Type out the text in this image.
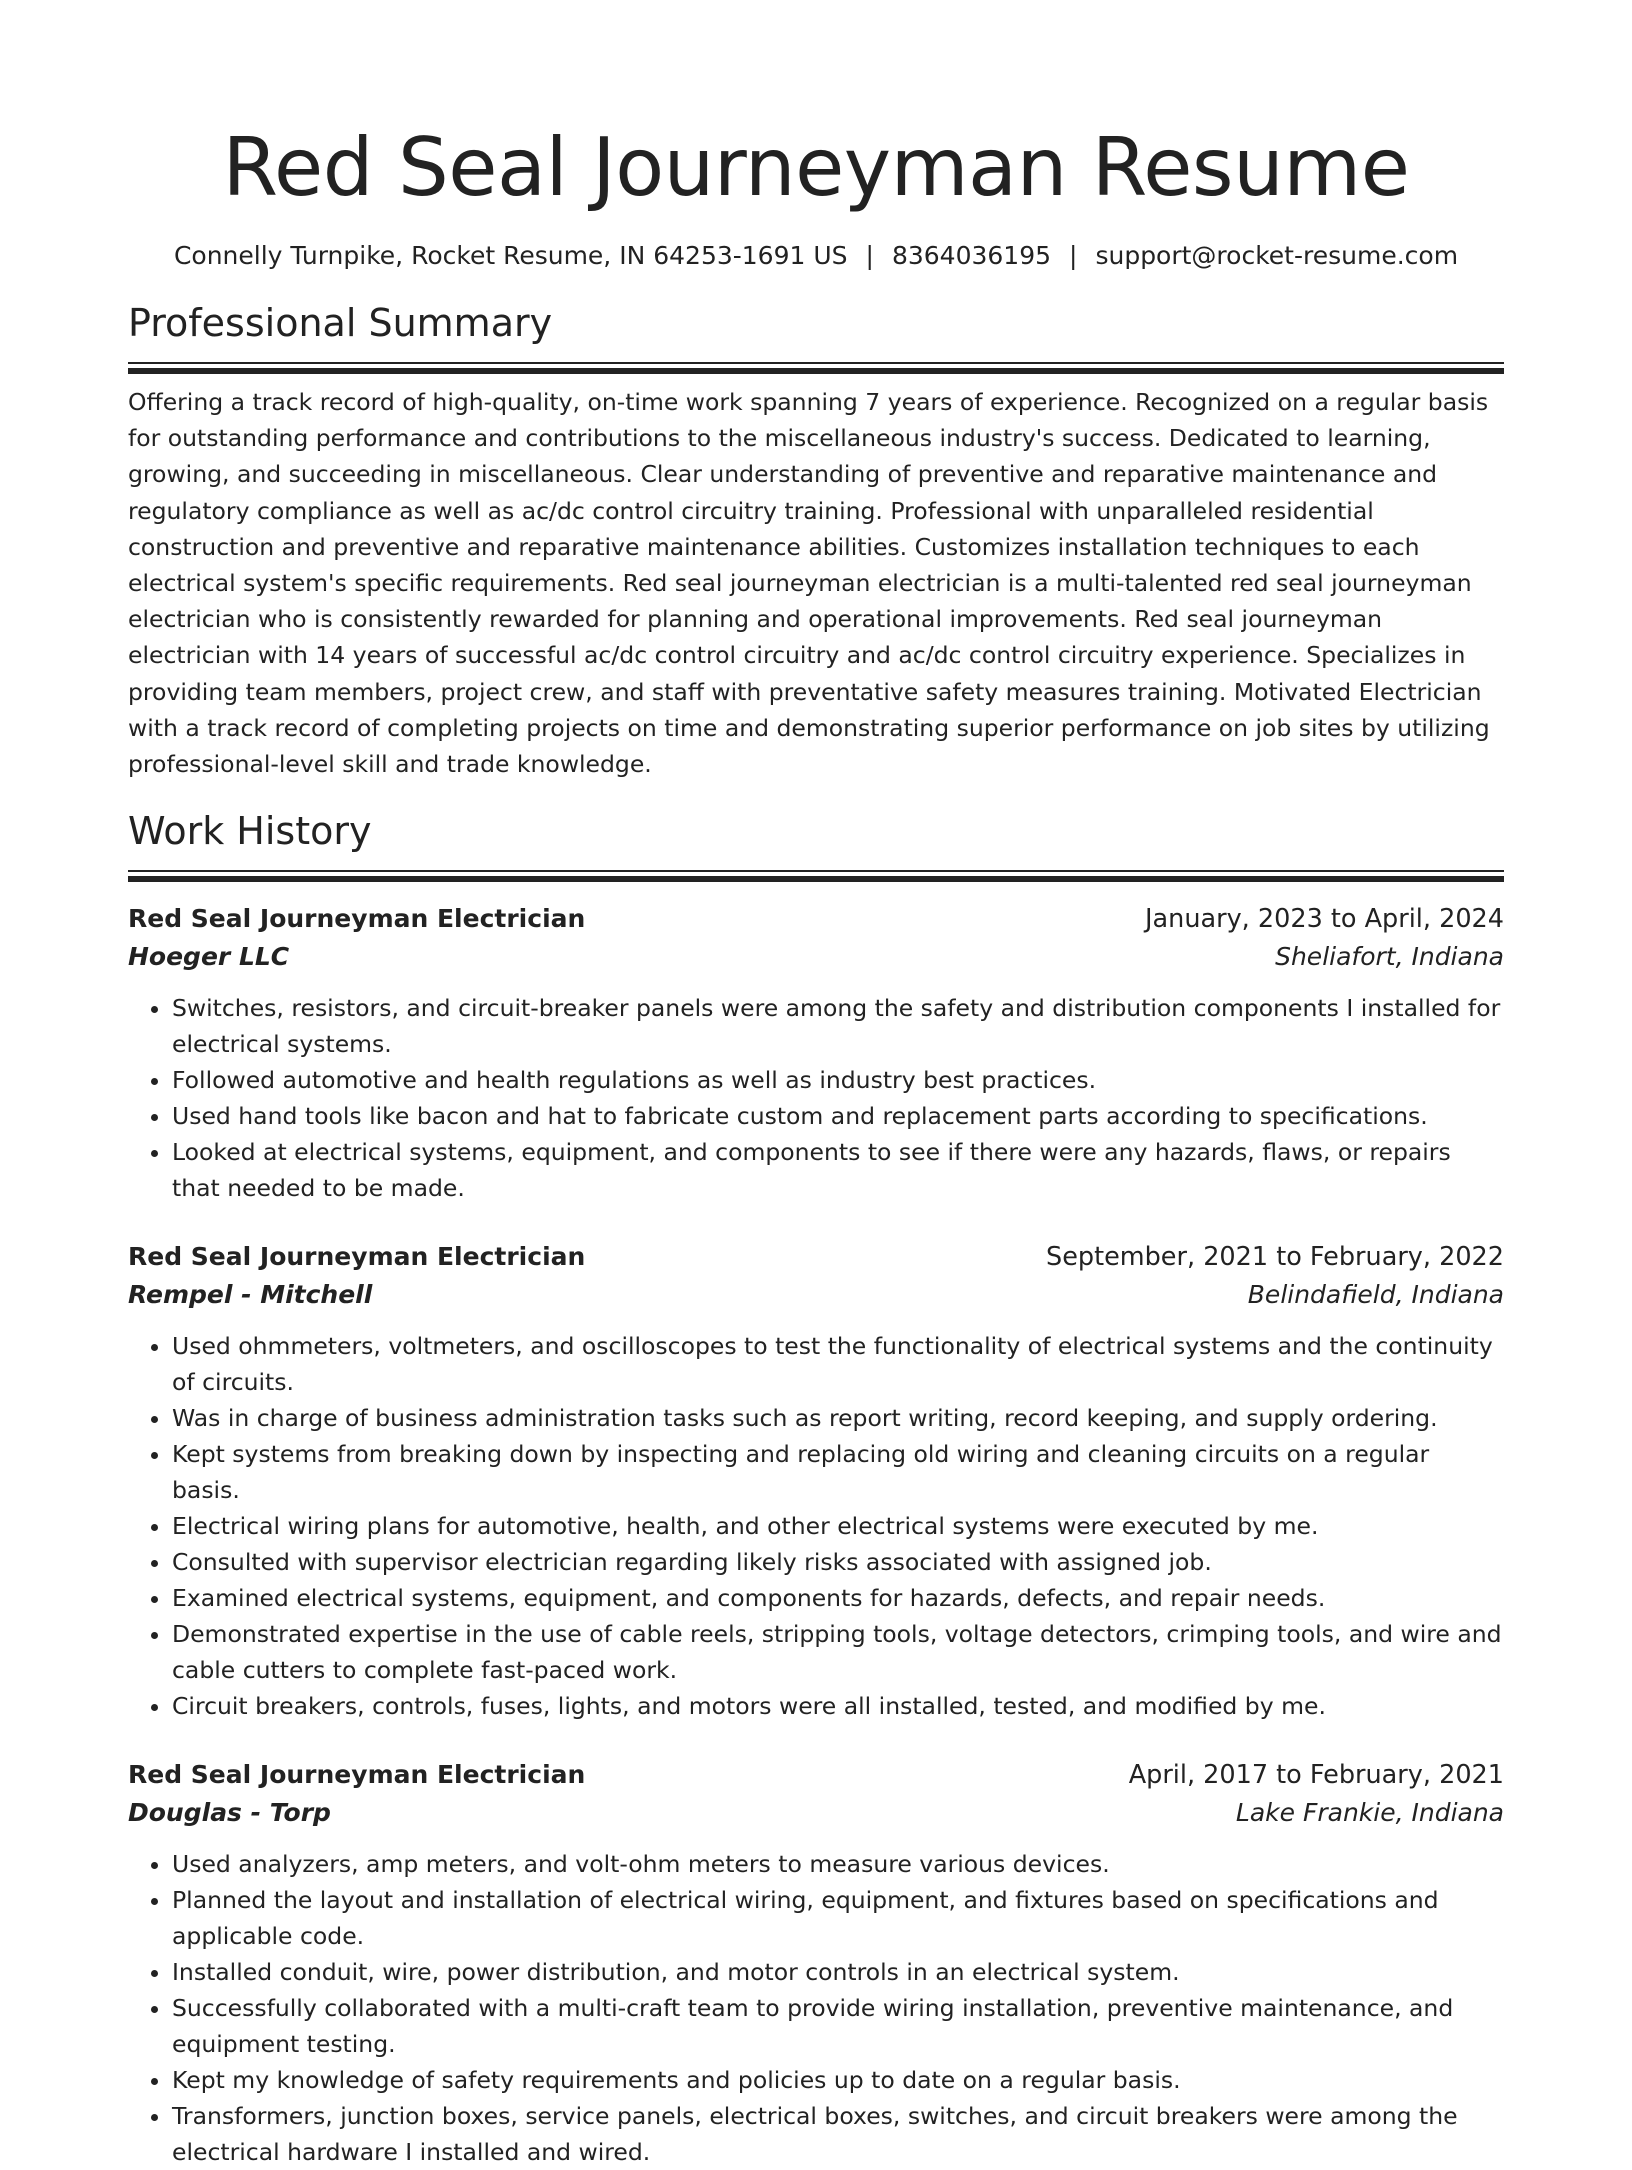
Red Seal Journeyman Resume
Connelly Turnpike, Rocket Resume, IN 64253-1691 US | 8364036195 | support@rocket-resume.com
Professional Summary

Offering a track record of high-quality, on-time work spanning 7 years of experience. Recognized on a regular basis for outstanding performance and contributions to the miscellaneous industry's success. Dedicated to learning, growing, and succeeding in miscellaneous. Clear understanding of preventive and reparative maintenance and regulatory compliance as well as ac/dc control circuitry training. Professional with unparalleled residential construction and preventive and reparative maintenance abilities. Customizes installation techniques to each electrical system's specific requirements. Red seal journeyman electrician is a multi-talented red seal journeyman electrician who is consistently rewarded for planning and operational improvements. Red seal journeyman electrician with 14 years of successful ac/dc control circuitry and ac/dc control circuitry experience. Specializes in providing team members, project crew, and staff with preventative safety measures training. Motivated Electrician with a track record of completing projects on time and demonstrating superior performance on job sites by utilizing professional-level skill and trade knowledge.

Work History
Red Seal Journeyman Electrician	January, 2023 to April, 2024
Hoeger LLC	Sheliafort, Indiana
• Switches, resistors, and circuit-breaker panels were among the safety and distribution components I installed for electrical systems.
• Followed automotive and health regulations as well as industry best practices.
• Used hand tools like bacon and hat to fabricate custom and replacement parts according to specifications.
• Looked at electrical systems, equipment, and components to see if there were any hazards, flaws, or repairs that needed to be made.
Red Seal Journeyman Electrician	September, 2021 to February, 2022
Rempel - Mitchell	Belindafield, Indiana
• Used ohmmeters, voltmeters, and oscilloscopes to test the functionality of electrical systems and the continuity of circuits.
• Was in charge of business administration tasks such as report writing, record keeping, and supply ordering.
• Kept systems from breaking down by inspecting and replacing old wiring and cleaning circuits on a regular basis.
• Electrical wiring plans for automotive, health, and other electrical systems were executed by me.
• Consulted with supervisor electrician regarding likely risks associated with assigned job.
• Examined electrical systems, equipment, and components for hazards, defects, and repair needs.
• Demonstrated expertise in the use of cable reels, stripping tools, voltage detectors, crimping tools, and wire and cable cutters to complete fast-paced work.
• Circuit breakers, controls, fuses, lights, and motors were all installed, tested, and modified by me.
Red Seal Journeyman Electrician	April, 2017 to February, 2021
Douglas - Torp	Lake Frankie, Indiana
• Used analyzers, amp meters, and volt-ohm meters to measure various devices.
• Planned the layout and installation of electrical wiring, equipment, and fixtures based on specifications and applicable code.
• Installed conduit, wire, power distribution, and motor controls in an electrical system.
• Successfully collaborated with a multi-craft team to provide wiring installation, preventive maintenance, and equipment testing.
• Kept my knowledge of safety requirements and policies up to date on a regular basis.
• Transformers, junction boxes, service panels, electrical boxes, switches, and circuit breakers were among the electrical hardware I installed and wired.
